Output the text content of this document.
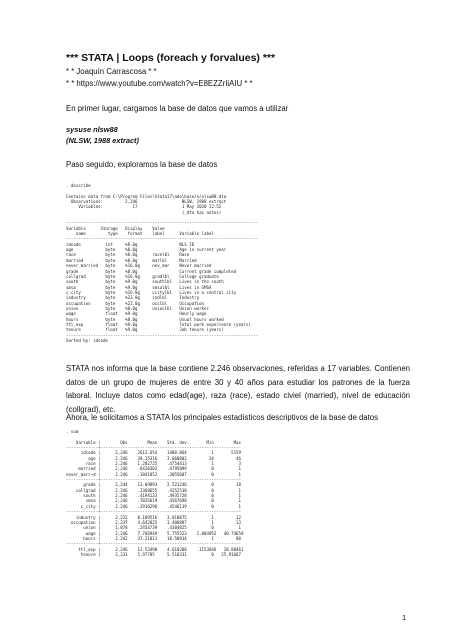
*** STATA | Loops (foreach y forvalues) ***
* * Joaquín Carrascosa * *
* * https://www.youtube.com/watch?v=E8EZZrIiAIU * *
En primer lugar, cargamos la base de datos que vamos a utilizar
sysuse nlsw88
(NLSW, 1988 extract)
Paso seguido, exploramos la base de datos
. describe

Contains data from C:\Program Files\Stata17\ado\base/n/nlsw88.dta
Observations:         2,246                  NLSW, 1988 extract
Variables:            17                  1 May 2020 22:52
(_dta has notes)

------------------------------------------------------------------------------
Variable      Storage   Display    Value
name         type    format    label      Variable label
------------------------------------------------------------------------------
idcode          int     %8.0g                 NLS ID
age             byte    %8.0g                 Age in current year
race            byte    %8.0g      racelbl    Race
married         byte    %8.0g      marlbl     Married
never_married   byte    %16.0g     nev_mar    Never married
grade           byte    %8.0g                 Current grade completed
collgrad        byte    %16.0g     gradlbl    College graduate
south           byte    %9.0g      southlbl   Lives in the south
smsa            byte    %9.0g      smsalbl    Lives in SMSA
c_city          byte    %16.0g     ccitylbl   Lives in a central city
industry        byte    %23.0g     indlbl     Industry
occupation      byte    %22.0g     occlbl     Occupation
union           byte    %8.0g      unionlbl   Union worker
wage            float   %9.0g                 Hourly wage
hours           byte    %8.0g                 Usual hours worked
ttl_exp         float   %9.0g                 Total work experience (years)
tenure          float   %9.0g                 Job tenure (years)
------------------------------------------------------------------------------
Sorted by: idcode
STATA nos informa que la base contiene 2.246 observaciones, referidas a 17 variables. Contienen datos de un grupo de mujeres de entre 30 y 40 años para estudiar los patrones de la fuerza laboral. Incluye datos como edad(age), raza (race), estado civiel (married), nivel de educación (collgrad), etc.
Ahora, le solicitamos a STATA los principales estadísticos descriptivos de la base de datos
. sum

Variable |        Obs        Mean    Std. dev.       Min        Max
-------------+---------------------------------------------------------
idcode |      2,246    2612.654    1480.864          1       5159
age |      2,246    39.15316    3.060002         34         46
race |      2,246    1.282725    .4754413          1          3
married |      2,246    .6420303    .4795099          0          1
never_marr~d |      2,246    .1041852    .3055687          0          1
-------------+---------------------------------------------------------
grade |      2,244    13.09893    2.521246          0         18
collgrad |      2,246    .2368655    .4252538          0          1
south |      2,246    .4194123    .4935728          0          1
smsa |      2,246    .7035619    .4567698          0          1
c_city |      2,246    .2916296    .4546139          0          1
-------------+---------------------------------------------------------
industry |      2,232    8.189516    3.010875          1         12
occupation |      2,237    4.642825    3.408897          1         13
union |      1,878    .2454739    .4304825          0          1
wage |      2,246    7.766949    5.755523    1.004952   40.74659
hours |      2,242    37.21811    10.50914          1         80
-------------+---------------------------------------------------------
ttl_exp |      2,246    12.53498    4.610208    .1153846   28.88461
tenure |      2,231    5.97785     5.510331          0   25.91667
1
